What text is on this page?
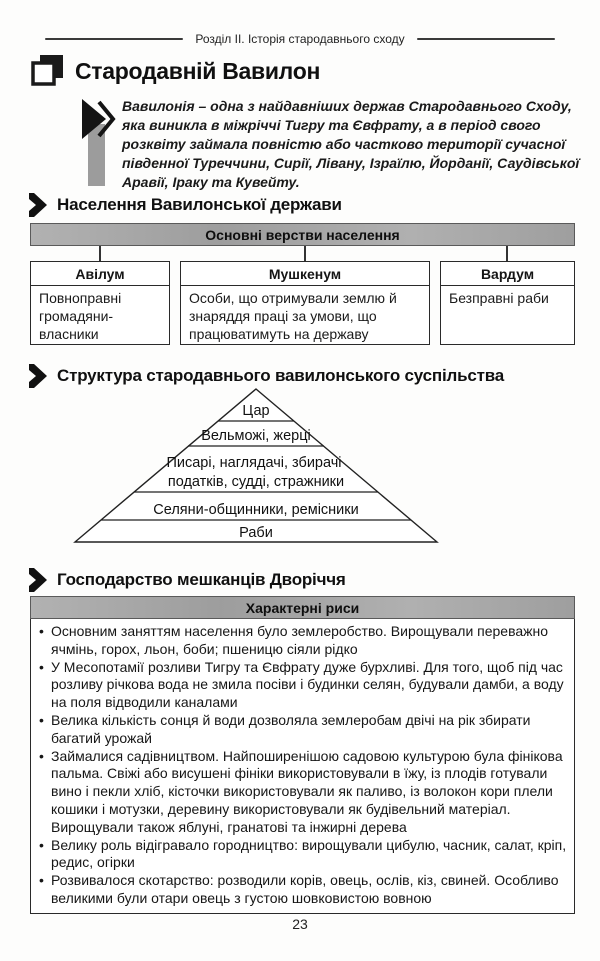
Розділ ІІ. Історія стародавнього сходу
Стародавній Вавилон

Вавилонія – одна з найдавніших держав Стародавнього Сходу, яка виникла в міжріччі Тигру та Євфрату, а в період свого розквіту займала повністю або частково території сучасної південної Туреччини, Сирії, Лівану, Ізраїлю, Йорданії, Саудівської Аравії, Іраку та Кувейту.

Населення Вавилонської держави
Основні верстви населення
Авілум
Повноправні громадяни-власники
Мушкенум
Особи, що отримували землю й знаряддя праці за умови, що працюватимуть на державу
Вардум
Безправні раби
Структура стародавнього вавилонського суспільства
Цар
Вельможі, жерці
Писарі, наглядачі, збирачі податків, судді, стражники
Селяни-общинники, ремісники
Раби
Господарство мешканців Дворіччя
Характерні риси
• Основним заняттям населення було землеробство. Вирощували переважно ячмінь, горох, льон, боби; пшеницю сіяли рідко
• У Месопотамії розливи Тигру та Євфрату дуже бурхливі. Для того, щоб під час розливу річкова вода не змила посіви і будинки селян, будували дамби, а воду на поля відводили каналами
• Велика кількість сонця й води дозволяла землеробам двічі на рік збирати багатий урожай
• Займалися садівництвом. Найпоширенішою садовою культурою була фінікова пальма. Свіжі або висушені фініки використовували в їжу, із плодів готували вино і пекли хліб, кісточки використовували як паливо, із волокон кори плели кошики і мотузки, деревину використовували як будівельний матеріал. Вирощували також яблуні, гранатові та інжирні дерева
• Велику роль відігравало городництво: вирощували цибулю, часник, салат, кріп, редис, огірки
• Розвивалося скотарство: розводили корів, овець, ослів, кіз, свиней. Особливо великими були отари овець з густою шовковистою вовною
23
